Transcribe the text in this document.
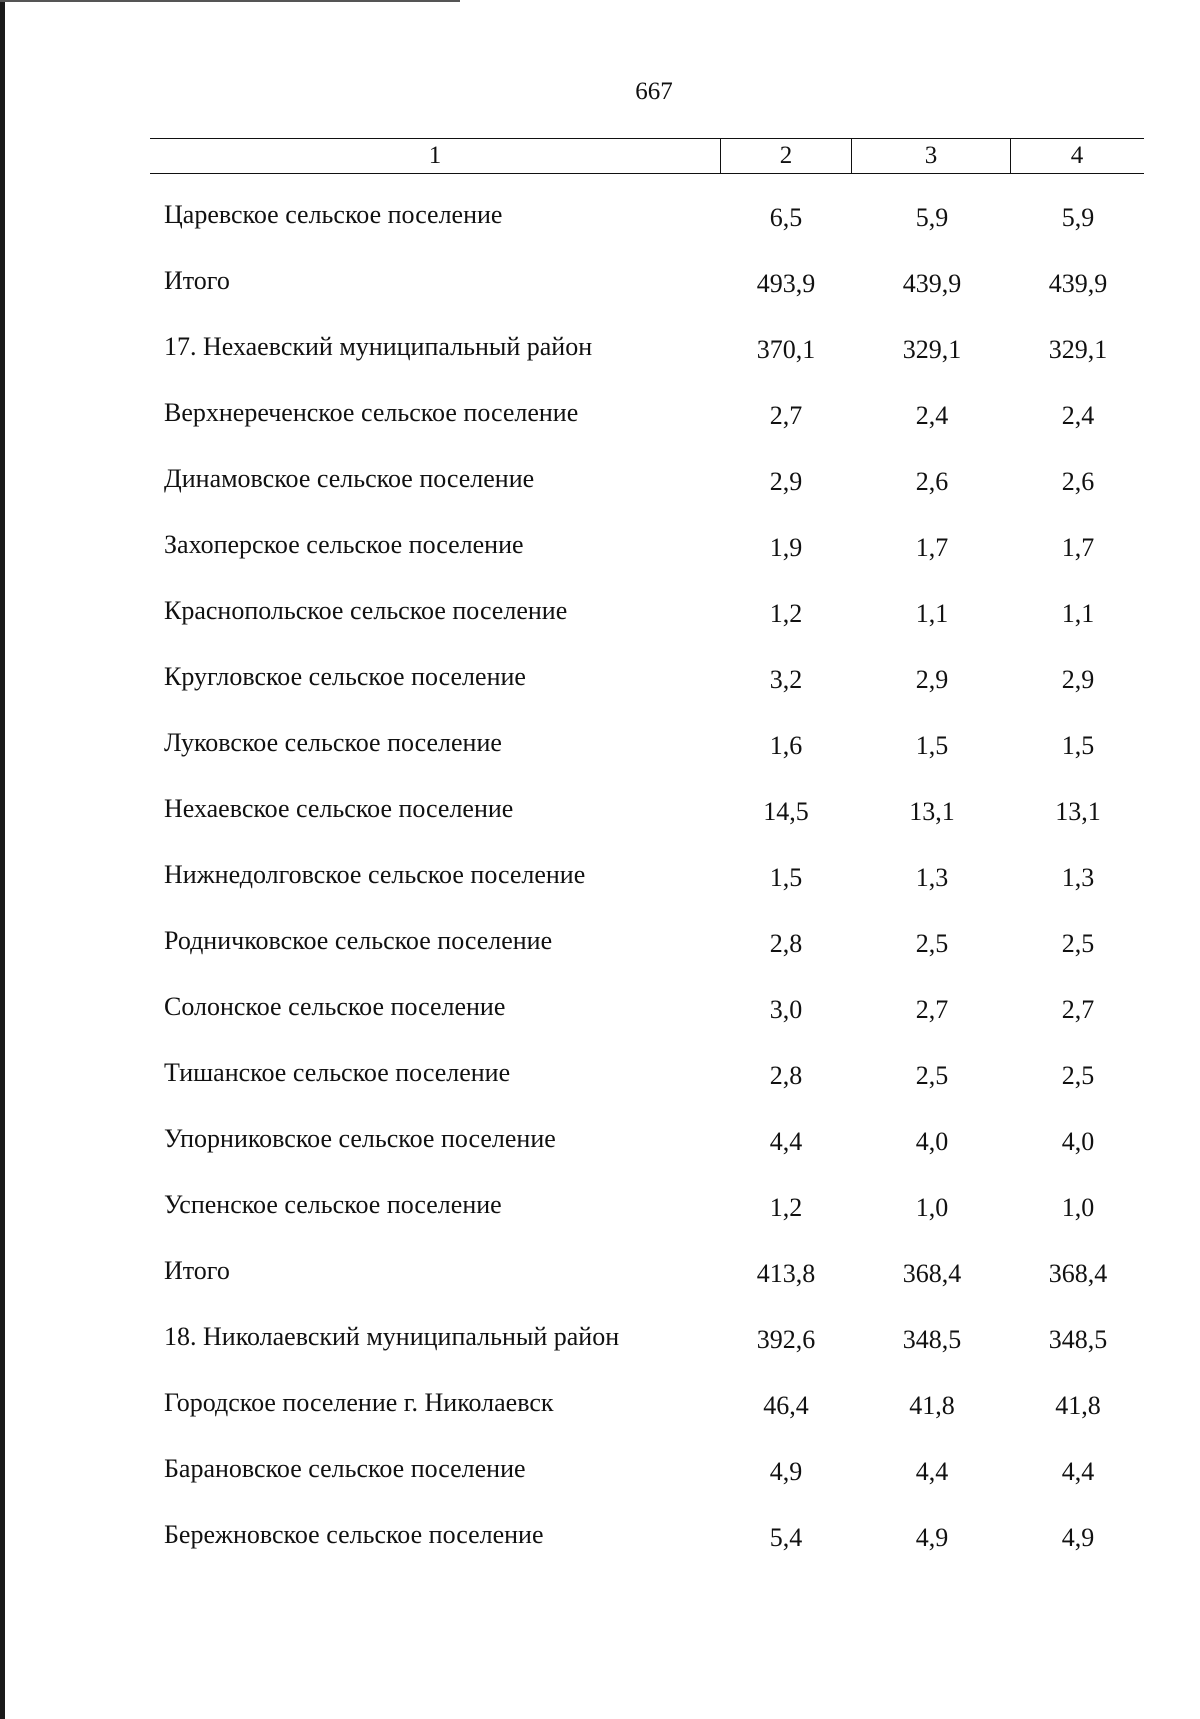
667
1	2	3	4
Царевское сельское поселение	6,5	5,9	5,9
Итого	493,9	439,9	439,9
17. Нехаевский муниципальный район	370,1	329,1	329,1
Верхнереченское сельское поселение	2,7	2,4	2,4
Динамовское сельское поселение	2,9	2,6	2,6
Захоперское сельское поселение	1,9	1,7	1,7
Краснопольское сельское поселение	1,2	1,1	1,1
Кругловское сельское поселение	3,2	2,9	2,9
Луковское сельское поселение	1,6	1,5	1,5
Нехаевское сельское поселение	14,5	13,1	13,1
Нижнедолговское сельское поселение	1,5	1,3	1,3
Родничковское сельское поселение	2,8	2,5	2,5
Солонское сельское поселение	3,0	2,7	2,7
Тишанское сельское поселение	2,8	2,5	2,5
Упорниковское сельское поселение	4,4	4,0	4,0
Успенское сельское поселение	1,2	1,0	1,0
Итого	413,8	368,4	368,4
18. Николаевский муниципальный район	392,6	348,5	348,5
Городское поселение г. Николаевск	46,4	41,8	41,8
Барановское сельское поселение	4,9	4,4	4,4
Бережновское сельское поселение	5,4	4,9	4,9
